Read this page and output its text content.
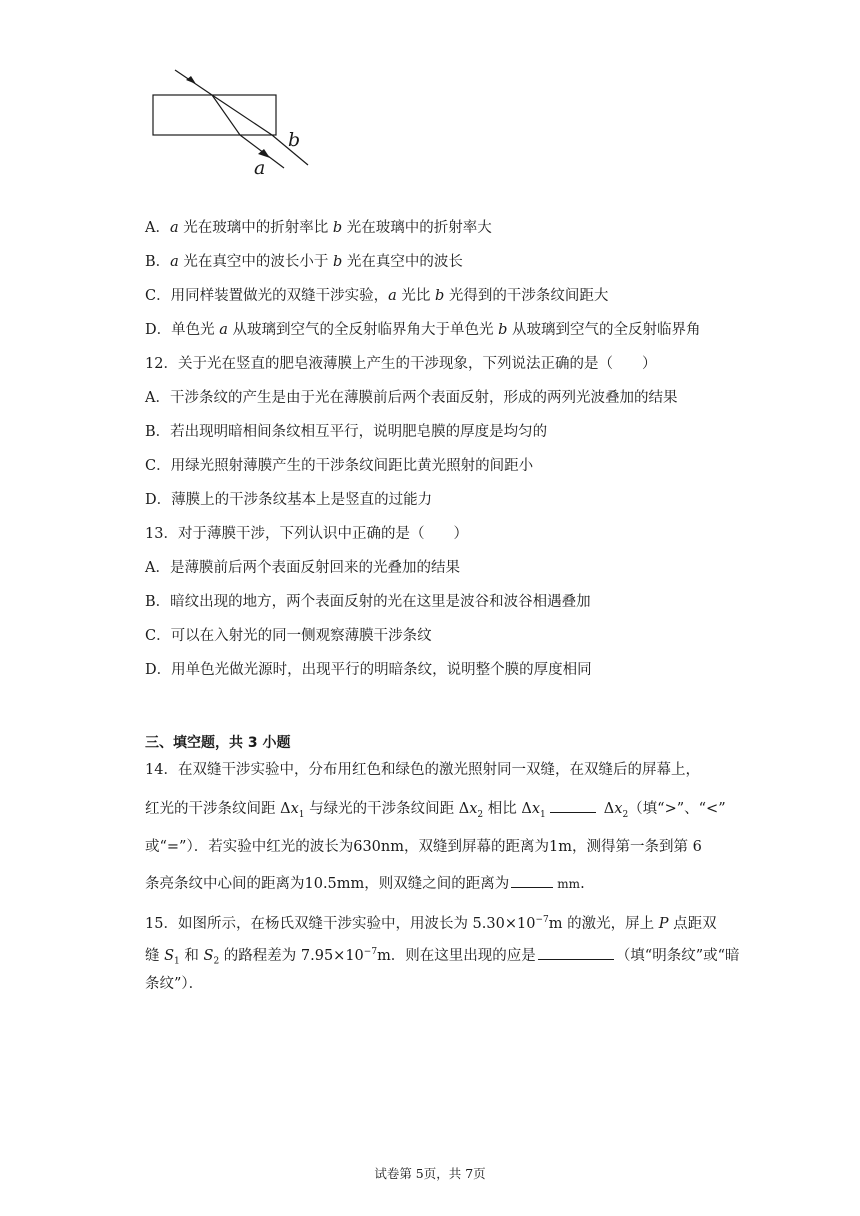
b
a
A．a 光在玻璃中的折射率比 b 光在玻璃中的折射率大
B．a 光在真空中的波长小于 b 光在真空中的波长
C．用同样装置做光的双缝干涉实验，a 光比 b 光得到的干涉条纹间距大
D．单色光 a 从玻璃到空气的全反射临界角大于单色光 b 从玻璃到空气的全反射临界角
12．关于光在竖直的肥皂液薄膜上产生的干涉现象，下列说法正确的是（　　）
A．干涉条纹的产生是由于光在薄膜前后两个表面反射，形成的两列光波叠加的结果
B．若出现明暗相间条纹相互平行，说明肥皂膜的厚度是均匀的
C．用绿光照射薄膜产生的干涉条纹间距比黄光照射的间距小
D．薄膜上的干涉条纹基本上是竖直的过能力
13．对于薄膜干涉，下列认识中正确的是（　　）
A．是薄膜前后两个表面反射回来的光叠加的结果
B．暗纹出现的地方，两个表面反射的光在这里是波谷和波谷相遇叠加
C．可以在入射光的同一侧观察薄膜干涉条纹
D．用单色光做光源时，出现平行的明暗条纹，说明整个膜的厚度相同
三、填空题，共 3 小题
14．在双缝干涉实验中，分布用红色和绿色的激光照射同一双缝，在双缝后的屏幕上，
红光的干涉条纹间距 $\Delta x_1$ 与绿光的干涉条纹间距 $\Delta x_2$ 相比 $\Delta x_1$	$\Delta x_2$（填“>”、“<”
或“=”）．若实验中红光的波长为630nm，双缝到屏幕的距离为1m，测得第一条到第 6
条亮条纹中心间的距离为10.5mm，则双缝之间的距离为	mm.
15．如图所示，在杨氏双缝干涉实验中，用波长为 $5.30\times 10^{-7}m$ 的激光，屏上 P 点距双
缝 $S_1$ 和 $S_2$ 的路程差为 $7.95\times 10^{-7}m$．则在这里出现的应是	（填“明条纹”或“暗
条纹”）．
试卷第 5页，共 7页
